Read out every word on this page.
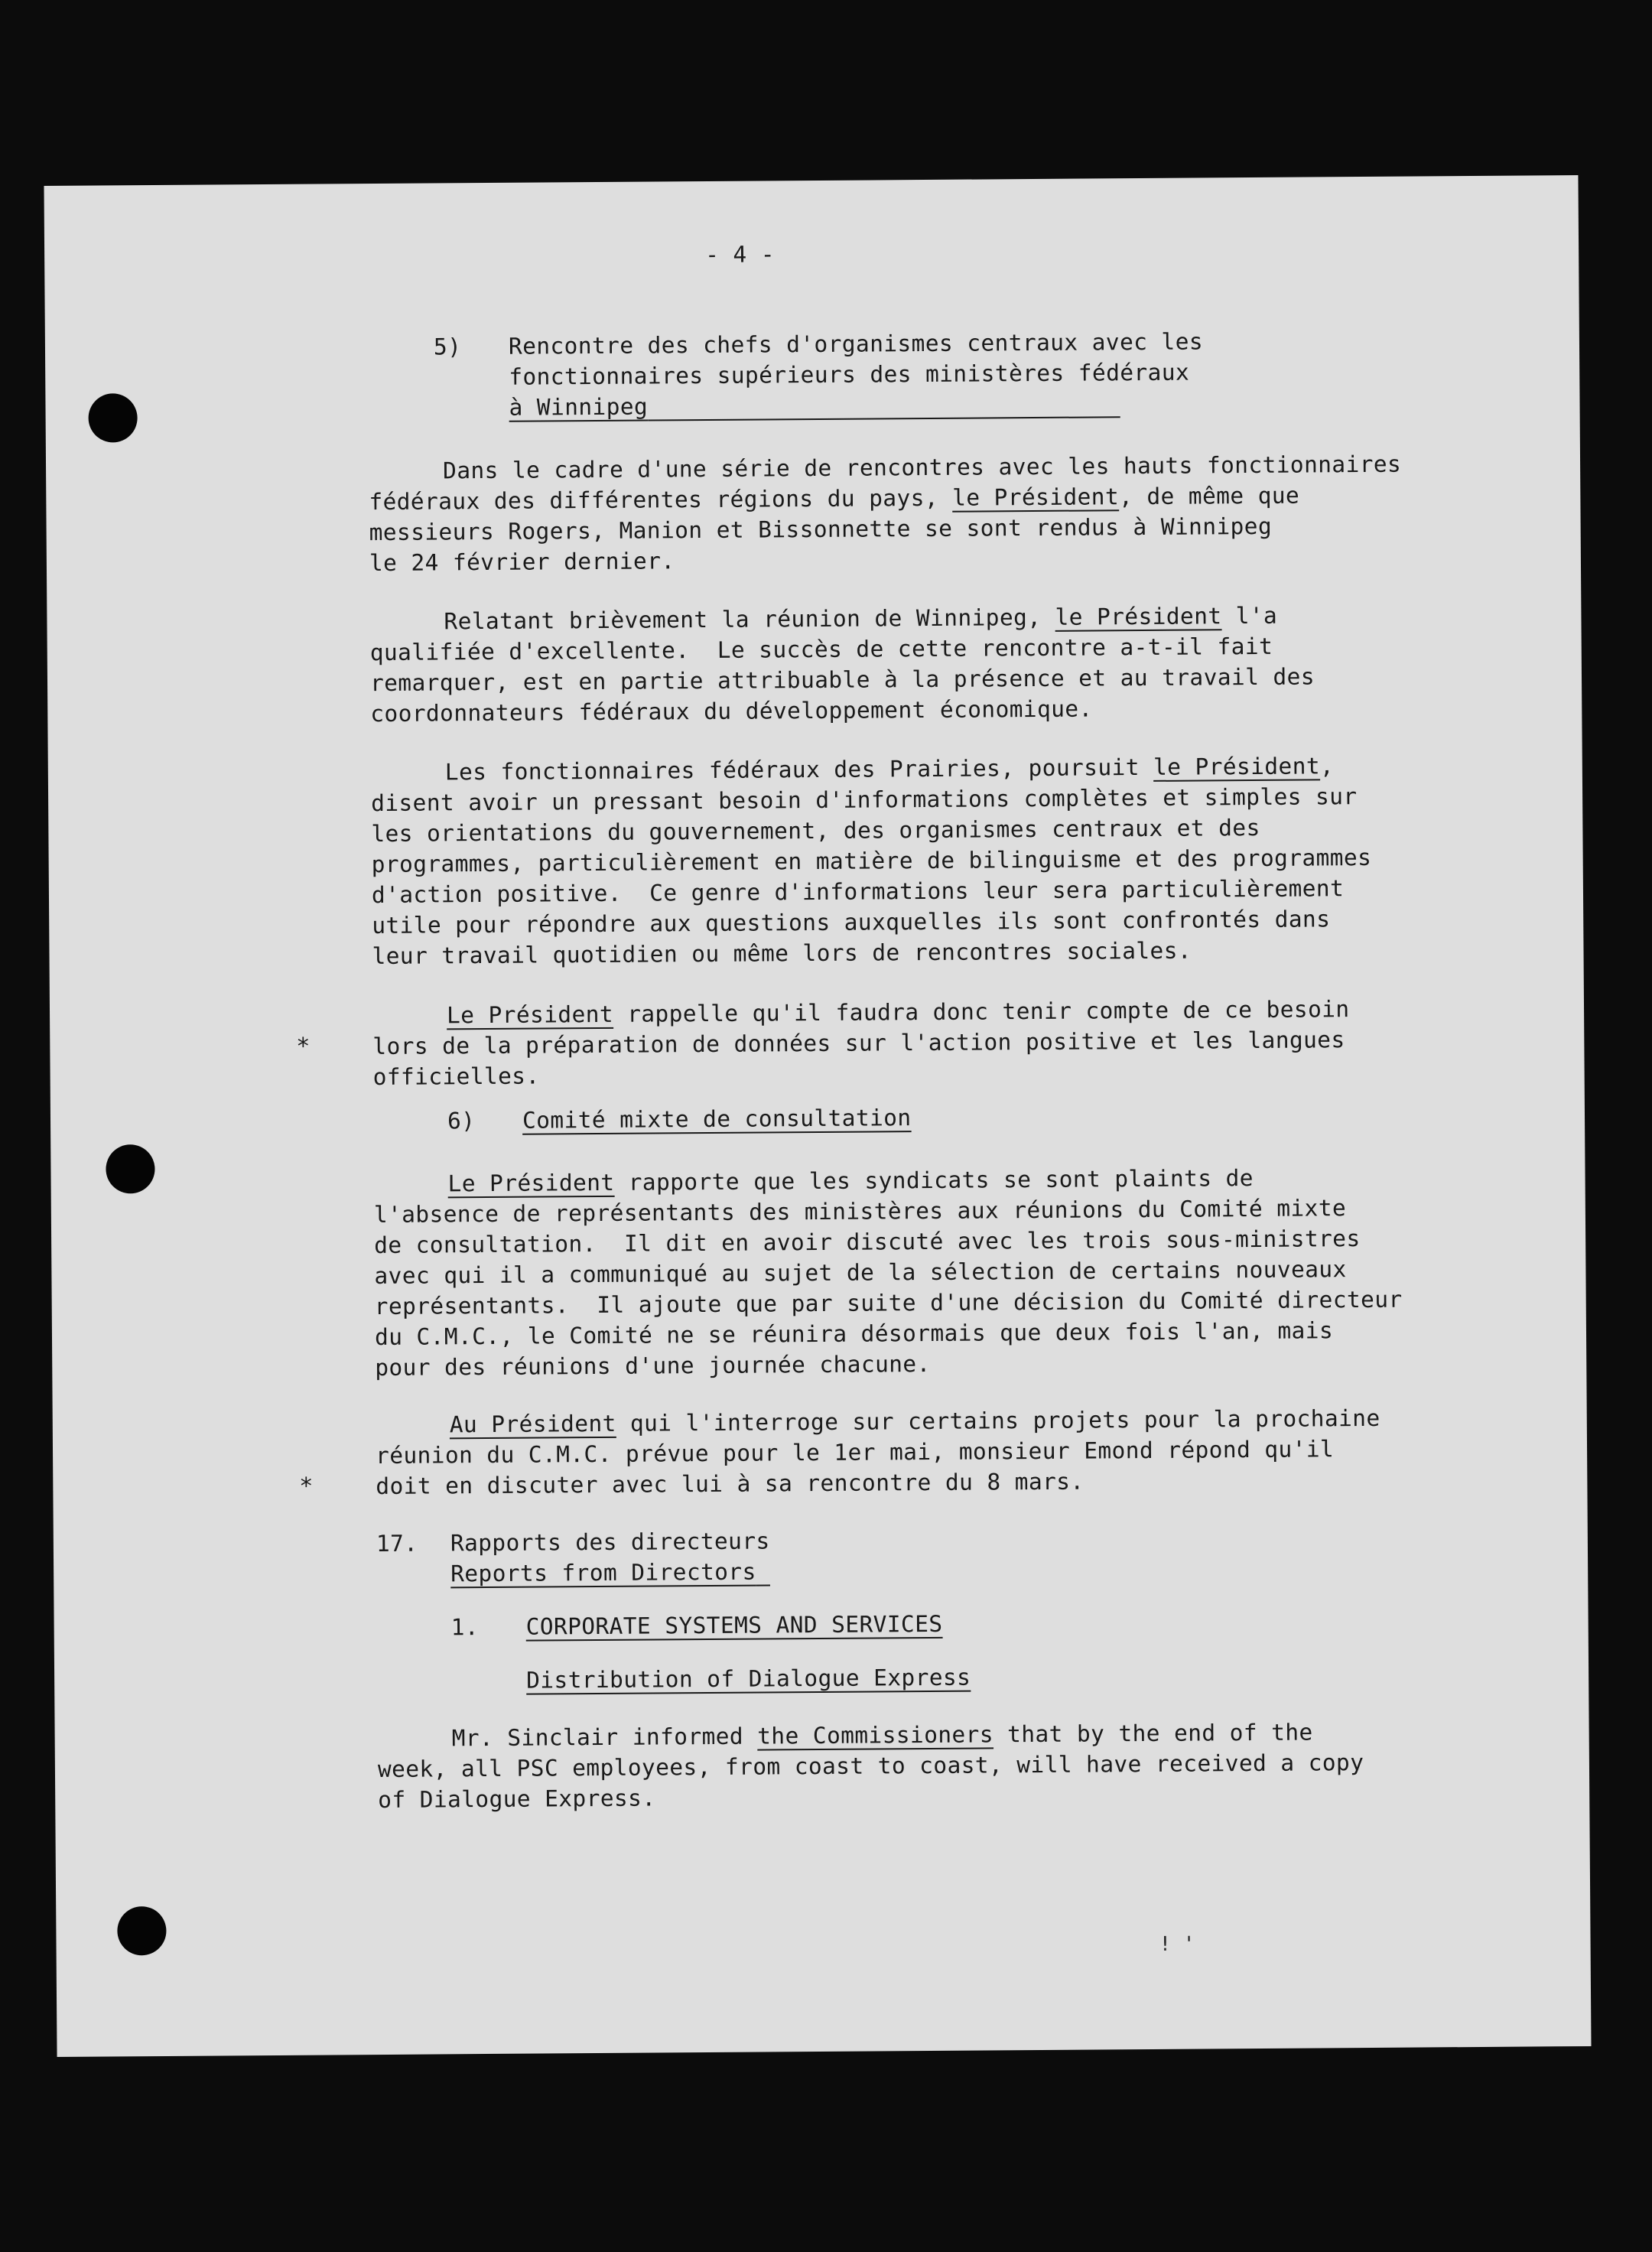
- 4 -

5) Rencontre des chefs d'organismes centraux avec les

fonctionnaires supérieurs des ministères fédéraux

à Winnipeg

Dans le cadre d'une série de rencontres avec les hauts fonctionnaires

fédéraux des différentes régions du pays, le Président, de même que

messieurs Rogers, Manion et Bissonnette se sont rendus à Winnipeg

le 24 février dernier.

Relatant brièvement la réunion de Winnipeg, le Président l'a

qualifiée d'excellente.  Le succès de cette rencontre a-t-il fait

remarquer, est en partie attribuable à la présence et au travail des

coordonnateurs fédéraux du développement économique.

Les fonctionnaires fédéraux des Prairies, poursuit le Président,

disent avoir un pressant besoin d'informations complètes et simples sur

les orientations du gouvernement, des organismes centraux et des

programmes, particulièrement en matière de bilinguisme et des programmes

d'action positive.  Ce genre d'informations leur sera particulièrement

utile pour répondre aux questions auxquelles ils sont confrontés dans

leur travail quotidien ou même lors de rencontres sociales.

Le Président rappelle qu'il faudra donc tenir compte de ce besoin

*	lors de la préparation de données sur l'action positive et les langues

officielles.

6) Comité mixte de consultation

Le Président rapporte que les syndicats se sont plaints de

l'absence de représentants des ministères aux réunions du Comité mixte

de consultation.  Il dit en avoir discuté avec les trois sous-ministres

avec qui il a communiqué au sujet de la sélection de certains nouveaux

représentants.  Il ajoute que par suite d'une décision du Comité directeur

du C.M.C., le Comité ne se réunira désormais que deux fois l'an, mais

pour des réunions d'une journée chacune.

Au Président qui l'interroge sur certains projets pour la prochaine

réunion du C.M.C. prévue pour le 1er mai, monsieur Emond répond qu'il

*	doit en discuter avec lui à sa rencontre du 8 mars.

17. Rapports des directeurs

Reports from Directors

1. CORPORATE SYSTEMS AND SERVICES

Distribution of Dialogue Express

Mr. Sinclair informed the Commissioners that by the end of the

week, all PSC employees, from coast to coast, will have received a copy

of Dialogue Express.

! '
